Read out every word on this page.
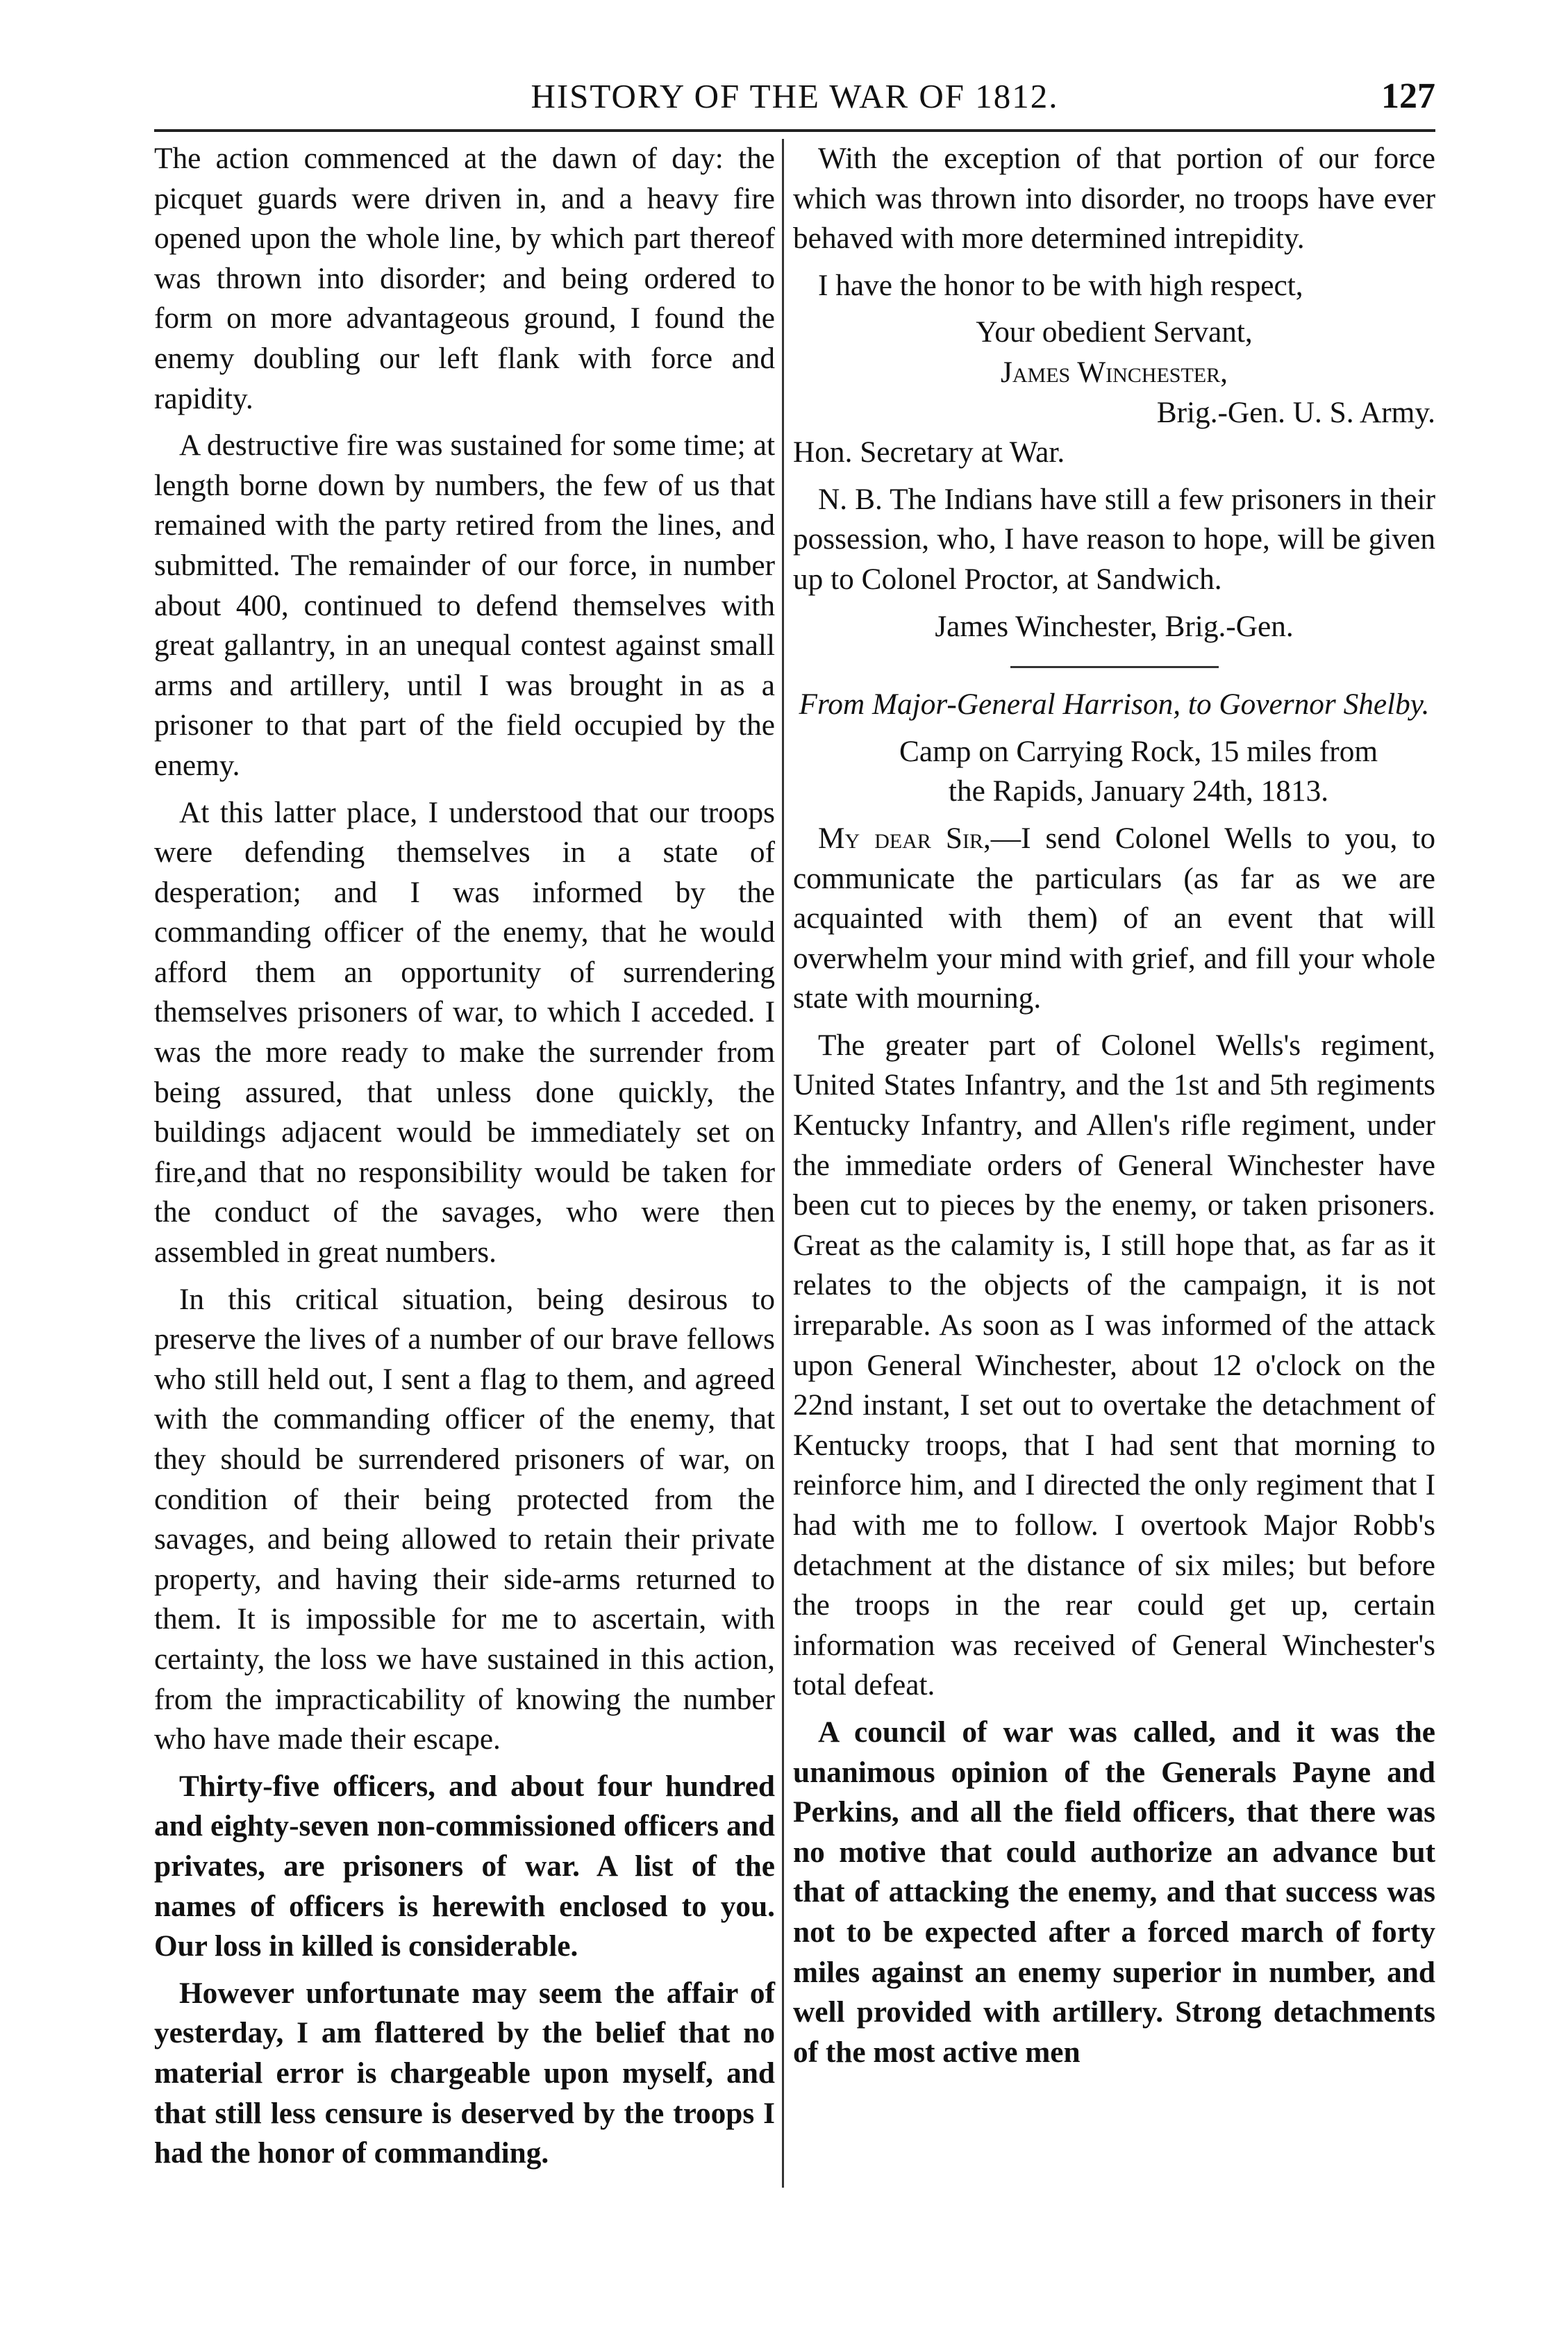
HISTORY OF THE WAR OF 1812.	127

The action commenced at the dawn of day: the picquet guards were driven in, and a heavy fire opened upon the whole line, by which part thereof was thrown into disorder; and being ordered to form on more advantageous ground, I found the enemy doubling our left flank with force and rapidity.

A destructive fire was sustained for some time; at length borne down by numbers, the few of us that remained with the party retired from the lines, and submitted. The remainder of our force, in number about 400, continued to defend themselves with great gallantry, in an unequal contest against small arms and artillery, until I was brought in as a prisoner to that part of the field occupied by the enemy.

At this latter place, I understood that our troops were defending themselves in a state of desperation; and I was informed by the commanding officer of the enemy, that he would afford them an opportunity of surrendering themselves prisoners of war, to which I acceded. I was the more ready to make the surrender from being assured, that unless done quickly, the buildings adjacent would be immediately set on fire,and that no responsibility would be taken for the conduct of the savages, who were then assembled in great numbers.

In this critical situation, being desirous to preserve the lives of a number of our brave fellows who still held out, I sent a flag to them, and agreed with the commanding officer of the enemy, that they should be surrendered prisoners of war, on condition of their being protected from the savages, and being allowed to retain their private property, and having their side-arms returned to them. It is impossible for me to ascertain, with certainty, the loss we have sustained in this action, from the impracticability of knowing the number who have made their escape.

Thirty-five officers, and about four hundred and eighty-seven non-commissioned officers and privates, are prisoners of war. A list of the names of officers is herewith enclosed to you. Our loss in killed is considerable.

However unfortunate may seem the affair of yesterday, I am flattered by the belief that no material error is chargeable upon myself, and that still less censure is deserved by the troops I had the honor of commanding.

With the exception of that portion of our force which was thrown into disorder, no troops have ever behaved with more determined intrepidity.

I have the honor to be with high respect,

Your obedient Servant,

James Winchester,

Brig.-Gen. U. S. Army.

Hon. Secretary at War.

N. B. The Indians have still a few prisoners in their possession, who, I have reason to hope, will be given up to Colonel Proctor, at Sandwich.

James Winchester, Brig.-Gen.

From Major-General Harrison, to Governor Shelby.

Camp on Carrying Rock, 15 miles from
the Rapids, January 24th, 1813.

My dear Sir,—I send Colonel Wells to you, to communicate the particulars (as far as we are acquainted with them) of an event that will overwhelm your mind with grief, and fill your whole state with mourning.

The greater part of Colonel Wells's regiment, United States Infantry, and the 1st and 5th regiments Kentucky Infantry, and Allen's rifle regiment, under the immediate orders of General Winchester have been cut to pieces by the enemy, or taken prisoners. Great as the calamity is, I still hope that, as far as it relates to the objects of the campaign, it is not irreparable. As soon as I was informed of the attack upon General Winchester, about 12 o'clock on the 22nd instant, I set out to overtake the detachment of Kentucky troops, that I had sent that morning to reinforce him, and I directed the only regiment that I had with me to follow. I overtook Major Robb's detachment at the distance of six miles; but before the troops in the rear could get up, certain information was received of General Winchester's total defeat.

A council of war was called, and it was the unanimous opinion of the Generals Payne and Perkins, and all the field officers, that there was no motive that could authorize an advance but that of attacking the enemy, and that success was not to be expected after a forced march of forty miles against an enemy superior in number, and well provided with artillery. Strong detachments of the most active men
